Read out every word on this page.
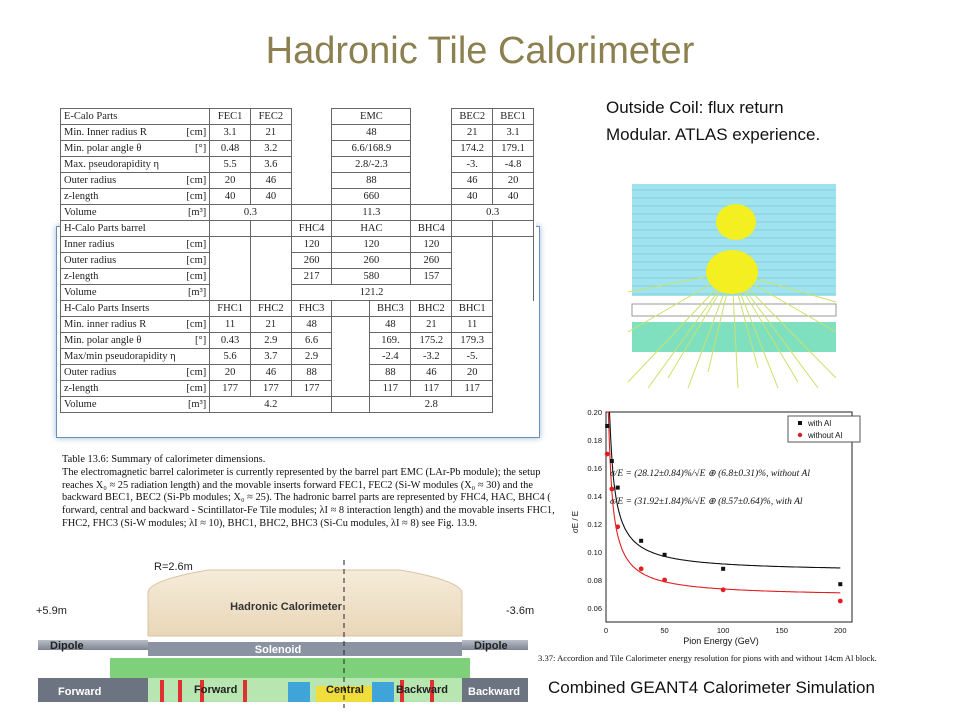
Hadronic Tile Calorimeter
Outside Coil: flux return
Modular. ATLAS experience.
E-Calo Parts		FEC1	FEC2		EMC			BEC2	BEC1
Min. Inner radius R	[cm]	3.1	21		48			21	3.1
Min. polar angle θ	[°]	0.48	3.2		6.6/168.9			174.2	179.1
Max. pseudorapidity η		5.5	3.6		2.8/-2.3			-3.	-4.8
Outer radius	[cm]	20	46		88			46	20
z-length	[cm]	40	40		660			40	40
Volume	[m³]	0.3			11.3			0.3	
H-Calo Parts barrel				FHC4	HAC		BHC4		
Inner radius	[cm]			120	120		120		
Outer radius	[cm]			260	260		260		
z-length	[cm]			217	580		157		
Volume	[m³]			121.2					
H-Calo Parts Inserts		FHC1	FHC2	FHC3		BHC3	BHC2	BHC1	
Min. inner radius R	[cm]	11	21	48		48	21	11	
Min. polar angle θ	[°]	0.43	2.9	6.6		169.	175.2	179.3	
Max/min pseudorapidity η		5.6	3.7	2.9		-2.4	-3.2	-5.	
Outer radius	[cm]	20	46	88		88	46	20	
z-length	[cm]	177	177	177		117	117	117	
Volume	[m³]	4.2				2.8			
Table 13.6: Summary of calorimeter dimensions.
The electromagnetic barrel calorimeter is currently represented by the barrel part EMC (LAr-Pb module); the setup reaches X₀ ≈ 25 radiation length) and the movable inserts forward FEC1, FEC2 (Si-W modules (X₀ ≈ 30) and the backward BEC1, BEC2 (Si-Pb modules; X₀ ≈ 25). The hadronic barrel parts are represented by FHC4, HAC, BHC4 ( forward, central and backward - Scintillator-Fe Tile modules; λI ≈ 8 interaction length) and the movable inserts FHC1, FHC2, FHC3 (Si-W modules; λI ≈ 10), BHC1, BHC2, BHC3 (Si-Cu modules, λI ≈ 8) see Fig. 13.9.
Hadronic Calorimeter
Dipole	Dipole
Solenoid
Forward	Backward
Forward	Central	Backward
R=2.6m
+5.9m	-3.6m	0.06
0.08
0.10
0.12
0.14
0.16
0.18
0.20
0	50	100	150	200
σ/E = (28.12±0.84)%/√E ⊕ (6.8±0.31)%, without Al
σ/E = (31.92±1.84)%/√E ⊕ (8.57±0.64)%, with Al
with Al
without Al
Pion Energy (GeV)
σE / E
3.37: Accordion and Tile Calorimeter energy resolution for pions with and without 14cm Al block.
Combined GEANT4 Calorimeter Simulation
